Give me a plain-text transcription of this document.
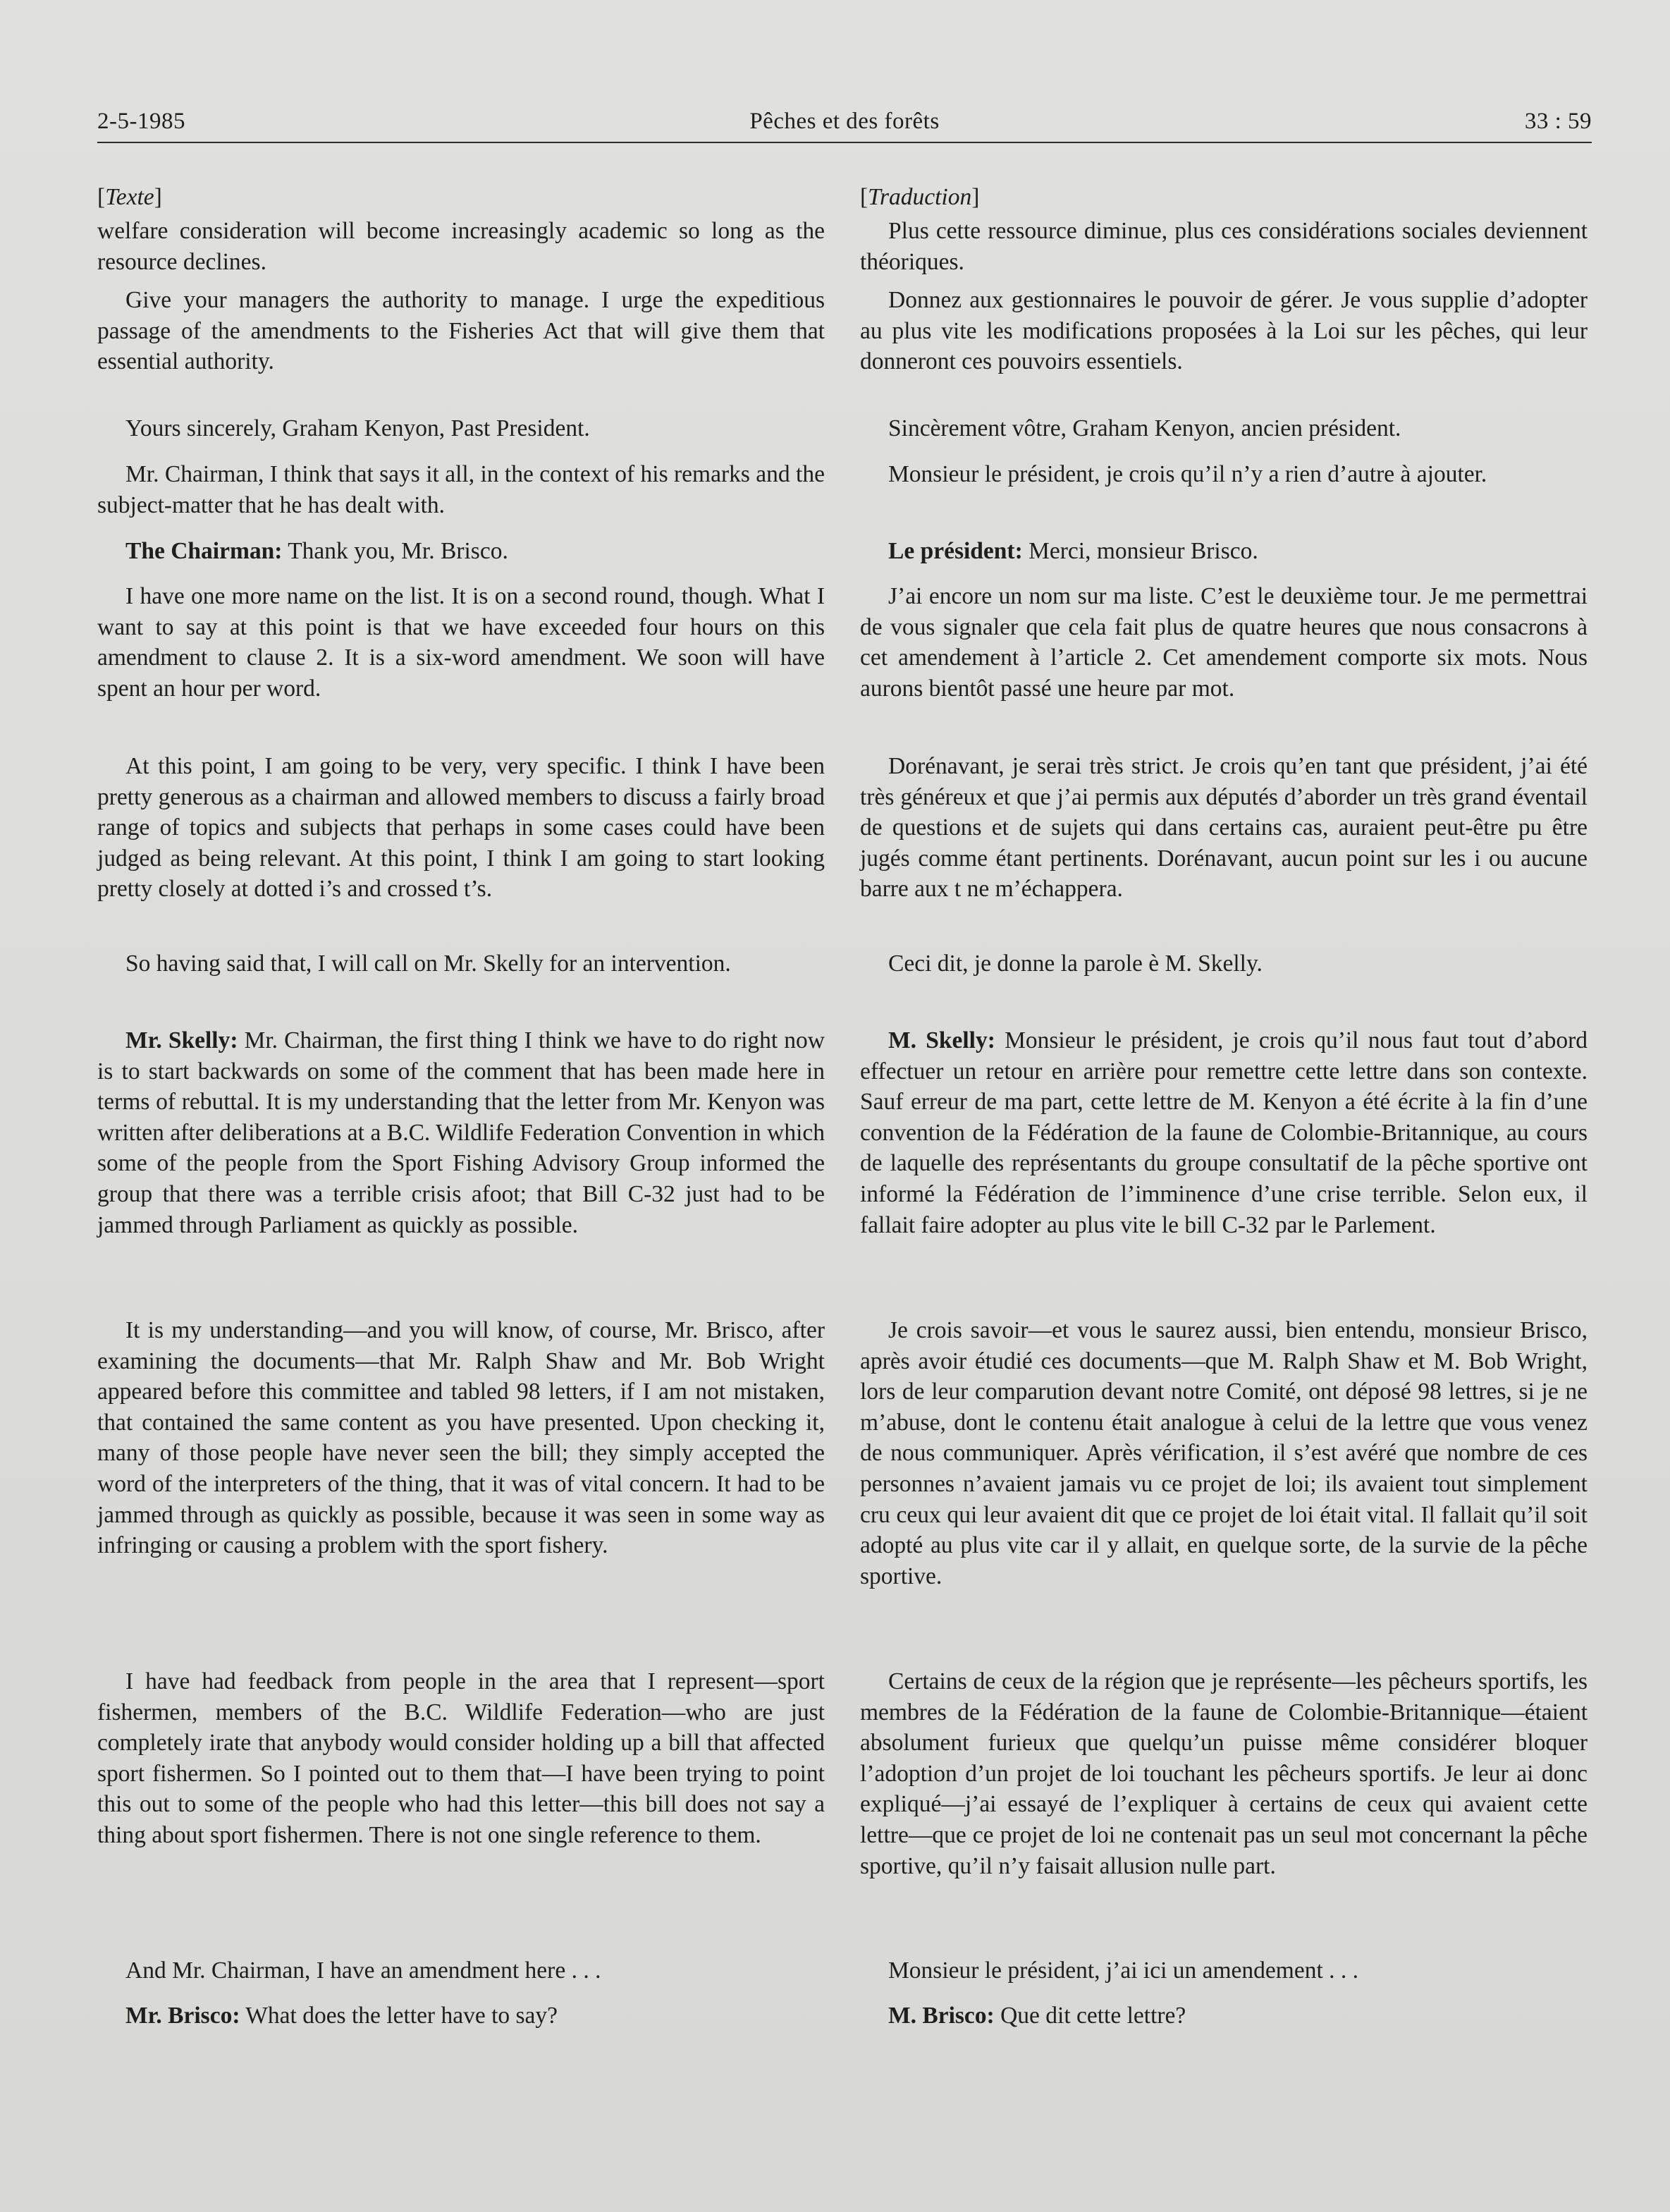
2-5-1985	Pêches et des forêts	33 : 59

[Texte]

welfare consideration will become increasingly academic so long as the resource declines.

Give your managers the authority to manage. I urge the expeditious passage of the amendments to the Fisheries Act that will give them that essential authority.

Yours sincerely, Graham Kenyon, Past President.

Mr. Chairman, I think that says it all, in the context of his remarks and the subject-matter that he has dealt with.

The Chairman: Thank you, Mr. Brisco.

I have one more name on the list. It is on a second round, though. What I want to say at this point is that we have exceeded four hours on this amendment to clause 2. It is a six-word amendment. We soon will have spent an hour per word.

At this point, I am going to be very, very specific. I think I have been pretty generous as a chairman and allowed members to discuss a fairly broad range of topics and subjects that perhaps in some cases could have been judged as being relevant. At this point, I think I am going to start looking pretty closely at dotted i’s and crossed t’s.

So having said that, I will call on Mr. Skelly for an intervention.

Mr. Skelly: Mr. Chairman, the first thing I think we have to do right now is to start backwards on some of the comment that has been made here in terms of rebuttal. It is my understanding that the letter from Mr. Kenyon was written after deliberations at a B.C. Wildlife Federation Convention in which some of the people from the Sport Fishing Advisory Group informed the group that there was a terrible crisis afoot; that Bill C-32 just had to be jammed through Parliament as quickly as possible.

It is my understanding—and you will know, of course, Mr. Brisco, after examining the documents—that Mr. Ralph Shaw and Mr. Bob Wright appeared before this committee and tabled 98 letters, if I am not mistaken, that contained the same content as you have presented. Upon checking it, many of those people have never seen the bill; they simply accepted the word of the interpreters of the thing, that it was of vital concern. It had to be jammed through as quickly as possible, because it was seen in some way as infringing or causing a problem with the sport fishery.

I have had feedback from people in the area that I represent—sport fishermen, members of the B.C. Wildlife Federation—who are just completely irate that anybody would consider holding up a bill that affected sport fishermen. So I pointed out to them that—I have been trying to point this out to some of the people who had this letter—this bill does not say a thing about sport fishermen. There is not one single reference to them.

And Mr. Chairman, I have an amendment here . . .

Mr. Brisco: What does the letter have to say?

[Traduction]

Plus cette ressource diminue, plus ces considérations sociales deviennent théoriques.

Donnez aux gestionnaires le pouvoir de gérer. Je vous supplie d’adopter au plus vite les modifications proposées à la Loi sur les pêches, qui leur donneront ces pouvoirs essentiels.

Sincèrement vôtre, Graham Kenyon, ancien président.

Monsieur le président, je crois qu’il n’y a rien d’autre à ajouter.

Le président: Merci, monsieur Brisco.

J’ai encore un nom sur ma liste. C’est le deuxième tour. Je me permettrai de vous signaler que cela fait plus de quatre heures que nous consacrons à cet amendement à l’article 2. Cet amendement comporte six mots. Nous aurons bientôt passé une heure par mot.

Dorénavant, je serai très strict. Je crois qu’en tant que président, j’ai été très généreux et que j’ai permis aux députés d’aborder un très grand éventail de questions et de sujets qui dans certains cas, auraient peut-être pu être jugés comme étant pertinents. Dorénavant, aucun point sur les i ou aucune barre aux t ne m’échappera.

Ceci dit, je donne la parole è M. Skelly.

M. Skelly: Monsieur le président, je crois qu’il nous faut tout d’abord effectuer un retour en arrière pour remettre cette lettre dans son contexte. Sauf erreur de ma part, cette lettre de M. Kenyon a été écrite à la fin d’une convention de la Fédération de la faune de Colombie-Britannique, au cours de laquelle des représentants du groupe consultatif de la pêche sportive ont informé la Fédération de l’imminence d’une crise terrible. Selon eux, il fallait faire adopter au plus vite le bill C-32 par le Parlement.

Je crois savoir—et vous le saurez aussi, bien entendu, monsieur Brisco, après avoir étudié ces documents—que M. Ralph Shaw et M. Bob Wright, lors de leur comparution devant notre Comité, ont déposé 98 lettres, si je ne m’abuse, dont le contenu était analogue à celui de la lettre que vous venez de nous communiquer. Après vérification, il s’est avéré que nombre de ces personnes n’avaient jamais vu ce projet de loi; ils avaient tout simplement cru ceux qui leur avaient dit que ce projet de loi était vital. Il fallait qu’il soit adopté au plus vite car il y allait, en quelque sorte, de la survie de la pêche sportive.

Certains de ceux de la région que je représente—les pêcheurs sportifs, les membres de la Fédération de la faune de Colombie-Britannique—étaient absolument furieux que quelqu’un puisse même considérer bloquer l’adoption d’un projet de loi touchant les pêcheurs sportifs. Je leur ai donc expliqué—j’ai essayé de l’expliquer à certains de ceux qui avaient cette lettre—que ce projet de loi ne contenait pas un seul mot concernant la pêche sportive, qu’il n’y faisait allusion nulle part.

Monsieur le président, j’ai ici un amendement . . .

M. Brisco: Que dit cette lettre?
